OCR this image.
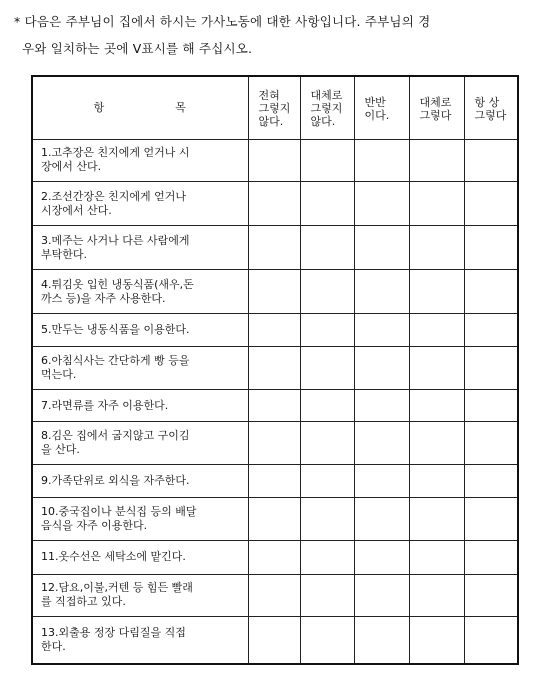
* 다음은 주부님이 집에서 하시는 가사노동에 대한 사항입니다. 주부님의 경
우와 일치하는 곳에 V표시를 해 주십시오.
항 목	전혀
그렇지
않다.	대체로
그렇지
않다.	반반
이다.	대체로
그렇다	항 상
그렇다
1.고추장은 친지에게 얻거나 시
장에서 산다.					
2.조선간장은 친지에게 얻거나
시장에서 산다.					
3.메주는 사거나 다른 사람에게
부탁한다.					
4.튀김옷 입힌 냉동식품(새우,돈
까스 등)을 자주 사용한다.					
5.만두는 냉동식품을 이용한다.					
6.아침식사는 간단하게 빵 등을
먹는다.					
7.라면류를 자주 이용한다.					
8.김은 집에서 굽지않고 구이김
을 산다.					
9.가족단위로 외식을 자주한다.					
10.중국집이나 분식집 등의 배달
음식을 자주 이용한다.					
11.옷수선은 세탁소에 맡긴다.					
12.담요,이불,커텐 등 힘든 빨래
를 직접하고 있다.					
13.외출용 정장 다림질을 직접
한다.					
